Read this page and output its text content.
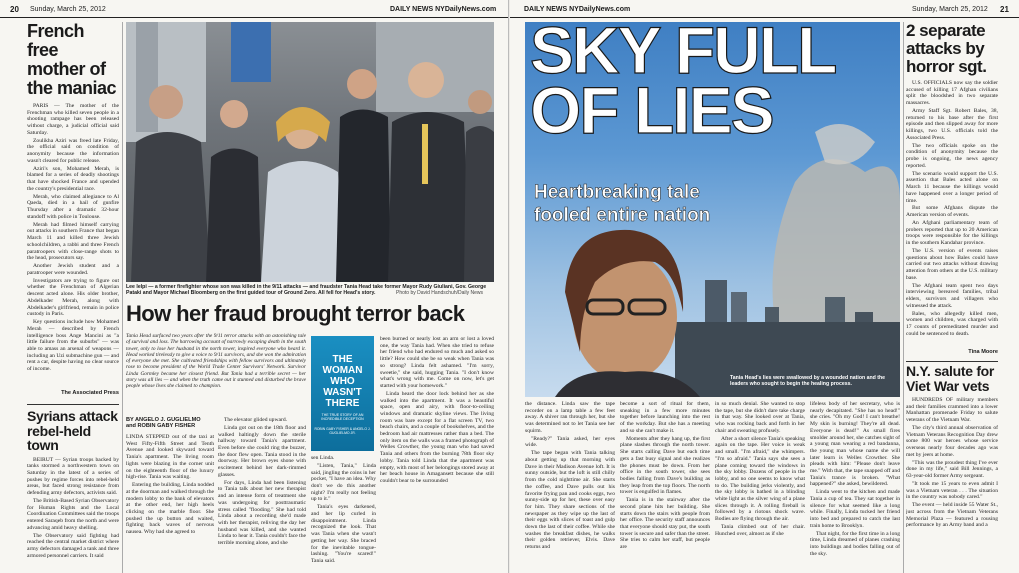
20 Sunday, March 25, 2012	DAILY NEWS NYDailyNews.com
French free mother of the maniac

PARIS — The mother of the Frenchman who killed seven people in a shooting rampage has been released without charge, a judicial official said Saturday.

Zoulikha Aziri was freed late Friday, the official said on condition of anonymity because the information wasn't cleared for public release.

Aziri's son, Mohamed Merah, is blamed for a series of deadly shootings that have shocked France and upended the country's presidential race.

Merah, who claimed allegiance to Al Qaeda, died in a hail of gunfire Thursday after a dramatic 32-hour standoff with police in Toulouse.

Merah had filmed himself carrying out attacks in southern France that began March 11 and killed three Jewish schoolchildren, a rabbi and three French paratroopers with close-range shots to the head, prosecutors say.

Another Jewish student and a paratrooper were wounded.

Investigators are trying to figure out whether the Frenchman of Algerian descent acted alone. His older brother, Abdelkader Merah, along with Abdelkader's girlfriend, remain in police custody in Paris.

Key questions include how Mohamed Merah — described by French intelligence boss Ange Mancini as "a little failure from the suburbs" — was able to amass an arsenal of weapons — including an Uzi submachine gun — and rent a car, despite having no clear source of income.

The Associated Press
Syrians attack rebel-held town

BEIRUT — Syrian troops backed by tanks stormed a northwestern town on Saturday in the latest of a series of pushes by regime forces into rebel-held areas, but faced strong resistance from defending army defectors, activists said.

The British-Based Syrian Observatory for Human Rights and the Local Coordination Committees said the troops entered Saraqeb from the north and were advancing amid heavy shelling.

The Observatory said fighting had reached the central market district where army defectors damaged a tank and three armored personnel carriers. It said

Lee Ielpi — a former firefighter whose son was killed in the 9/11 attacks — and fraudster Tania Head take former Mayor Rudy Giuliani, Gov. George Pataki and Mayor Michael Bloomberg on the first guided tour of Ground Zero. All fell for Head's story.	Photo by David Handschuh/Daily News
How her fraud brought terror back
Tania Head surfaced two years after the 9/11 terror attacks with an astonishing tale of survival and loss. The harrowing account of narrowly escaping death in the south tower, only to lose her husband in the north tower, inspired everyone who heard it. Head worked tirelessly to give a voice to 9/11 survivors, and she won the admiration of everyone she met. She cultivated friendships with fellow survivors and ultimately rose to become president of the World Trade Center Survivors' Network. Survivor Linda Gormley became her closest friend. But Tania had a terrible secret — her story was all lies — and when the truth came out it stunned and disturbed the brave people whose lives she claimed to champion.
THE
WOMAN
WHO
WASN'T
THERE
THE TRUE STORY OF AN INCREDIBLE DECEPTION
ROBIN GABY FISHER & ANGELO J. GUGLIELMO JR.
BY ANGELO J. GUGLIELMO
and ROBIN GABY FISHER

LINDA STEPPED out of the taxi at West Fifty-Fifth Street and Tenth Avenue and looked skyward toward Tania's apartment. The living room lights were blazing in the corner unit on the eighteenth floor of the luxury high-rise. Tania was waiting.

Entering the building, Linda nodded at the doorman and walked through the modern lobby to the bank of elevators at the other end, her high heels clicking on the marble floor. She pushed the up button and waited, fighting back waves of nervous nausea. Why had she agreed to

The elevator glided upward.

Linda got out on the 18th floor and walked haltingly down the sterile hallway toward Tania's apartment. Even before she could ring the buzzer, the door flew open. Tania stood in the doorway. Her brown eyes shone with excitement behind her dark-rimmed glasses.

For days, Linda had been listening to Tania talk about her new therapist and an intense form of treatment she was undergoing for posttraumatic stress called "flooding." She had told Linda about a recording she'd made with her therapist, reliving the day her husband was killed, and she wanted Linda to hear it. Tania couldn't face the terrible morning alone, and she

sen Linda.

"Listen, Tania," Linda said, jingling the coins in her pocket, "I have an idea. Why don't we do this another night? I'm really not feeling up to it."

Tania's eyes darkened, and her lip curled in disappointment. Linda recognized the look. That was Tania when she wasn't getting her way. She braced for the inevitable tongue-lashing. "You're scared!" Tania said.

been burned or nearly lost an arm or lost a loved one, the way Tania had. When she tried to refuse her friend who had endured so much and asked so little? How could she be so weak when Tania was so strong? Linda felt ashamed. "I'm sorry, sweetie," she said, hugging Tania. "I don't know what's wrong with me. Come on now, let's get started with your homework."

Linda heard the door lock behind her as she walked into the apartment. It was a beautiful space, open and airy, with floor-to-ceiling windows and dramatic skyline views. The living room was bare except for a flat screen TV, two beach chairs, and a couple of bookshelves, and the bedroom had air mattresses rather than a bed. The only item on the walls was a framed photograph of Welles Crowther, the young man who had saved Tania and others from the burning 78th floor sky lobby. Tania told Linda that the apartment was empty, with most of her belongings stored away at her beach house in Amagansett because she still couldn't bear to be surrounded

DAILY NEWS NYDailyNews.com	Sunday, March 25, 2012 21
SKY FULL
OF LIES
Heartbreaking tale
fooled entire nation
Tania Head's lies were swallowed by a wounded nation and the leaders who sought to begin the healing process.

the distance. Linda saw the tape recorder on a lamp table a few feet away. A shiver ran through her, but she was determined not to let Tania see her squirm.

"Ready?" Tania asked, her eyes wide.

The tape began with Tania talking about getting up that morning with Dave in their Madison Avenue loft. It is sunny outside, but the loft is still chilly from the cold nighttime air. She starts the coffee, and Dave pulls out his favorite frying pan and cooks eggs, two sunny-side up for her, these over easy for him. They share sections of the newspaper as they wipe up the last of their eggs with slices of toast and gulp down the last of their coffee. While she washes the breakfast dishes, he walks their golden retriever, Elvis. Dave returns and

become a sort of ritual for them, sneaking in a few more minutes together before launching into the rest of the workday. But she has a meeting and so she can't make it.

Moments after they hang up, the first plane slashes through the north tower. She starts calling Dave but each time gets a fast busy signal and she realizes the phones must be down. From her office in the south tower, she sees bodies falling from Dave's building as they leap from the top floors. The north tower is engulfed in flames.

Tania is in the stairway after the second plane hits her building. She starts down the stairs with people from her office. The security staff announces that everyone should stay put, the south tower is secure and safer than the street. She tries to calm her staff, but people are

in so much denial. She wanted to stop the tape, but she didn't dare take charge in that way. She looked over at Tania, who was rocking back and forth in her chair and sweating profusely.

After a short silence Tania's speaking again on the tape. Her voice is weak and small. "I'm afraid," she whimpers. "I'm so afraid." Tania says she sees a plane coming toward the windows in the sky lobby. Dozens of people in the lobby, and no one seems to know what to do. The building jerks violently, and the sky lobby is bathed in a blinding white light as the silver wing of a plane slices through it. A rolling fireball is followed by a riotous shock wave. Bodies are flying through the air.

Tania climbed out of her chair. Hunched over, almost as if she

lifeless body of her secretary, who is nearly decapitated. "She has no head!" she cries. "Oh my God! I can't breathe! My skin is burning! They're all dead. Everyone is dead!" As small fires smolder around her, she catches sight of a young man wearing a red bandanna, the young man whose name she will later learn is Welles Crowther. She pleads with him: "Please don't leave me." With that, the tape snapped off and Tania's trance is broken. "What happened?" she asked, bewildered.

Linda went to the kitchen and made Tania a cup of tea. They sat together in silence for what seemed like a long while. Finally, Linda tucked her friend into bed and prepared to catch the last train home to Brooklyn.

That night, for the first time in a long time, Linda dreamed of planes crashing into buildings and bodies falling out of the sky.

2 separate attacks by horror sgt.

U.S. OFFICIALS now say the soldier accused of killing 17 Afghan civilians split the bloodshed in two separate massacres.

Army Staff Sgt. Robert Bales, 38, returned to his base after the first episode and then slipped away for more killings, two U.S. officials told the Associated Press.

The two officials spoke on the condition of anonymity because the probe is ongoing, the news agency reported.

The scenario would support the U.S. assertion that Bales acted alone on March 11 because the killings would have happened over a longer period of time.

But some Afghans dispute the American version of events.

An Afghani parliamentary team of probers reported that up to 20 American troops were responsible for the killings in the southern Kandahar province.

The U.S. version of events raises questions about how Bales could have carried out two attacks without drawing attention from others at the U.S. military base.

The Afghani team spent two days interviewing bereaved families, tribal elders, survivors and villagers who witnessed the attack.

Bales, who allegedly killed men, women and children, was charged with 17 counts of premeditated murder and could be sentenced to death.

Tina Moore
N.Y. salute for Viet War vets

HUNDREDS OF military members and their families crammed into a lower Manhattan promenade Friday to salute veterans of the Vietnam War.

The city's third annual observation of Vietnam Veterans Recognition Day drew some 800 war heroes whose service overseas nearly four decades ago was met by jeers at home.

"This was the proudest thing I've ever done in my life," said Bill Jennings, a 63-year-old former Army sergeant.

"It took me 15 years to even admit I was a Vietnam veteran . . . The situation in the country was nobody cared."

The event — held inside 55 Water St., just across from the Vietnam Veterans Memorial Plaza — featured a rousing performance by an Army band and a
